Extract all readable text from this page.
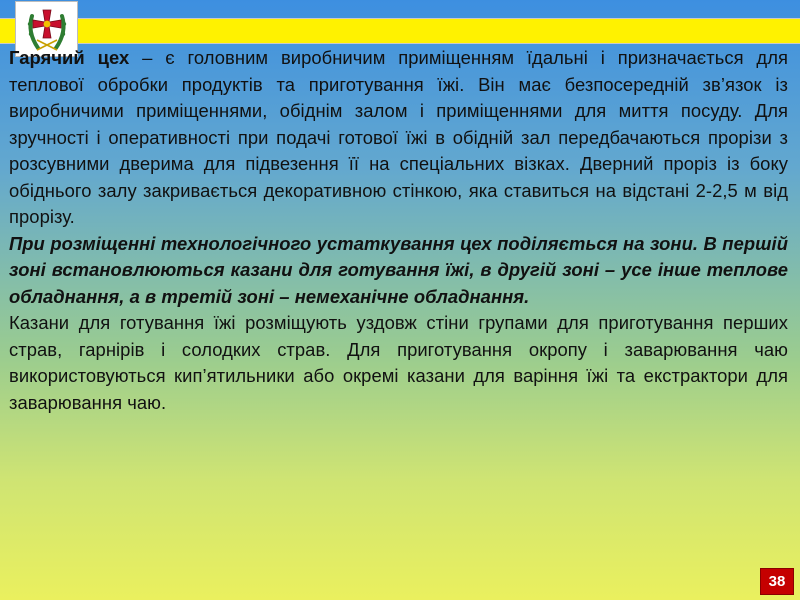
Гарячий цех – є головним виробничим приміщенням їдальні і призначається для теплової обробки продуктів та приготування їжі. Він має безпосередній зв’язок із виробничими приміщеннями, обіднім залом і приміщеннями для миття посуду. Для зручності і оперативності при подачі готової їжі в обідній зал передбачаються прорізи з розсувними дверима для підвезення її на спеціальних візках. Дверний проріз із боку обіднього залу закривається декоративною стінкою, яка ставиться на відстані 2-2,5 м від прорізу.

При розміщенні технологічного устаткування цех поділяється на зони. В першій зоні встановлюються казани для готування їжі, в другій зоні – усе інше теплове обладнання, а в третій зоні – немеханічне обладнання.

Казани для готування їжі розміщують уздовж стіни групами для приготування перших страв, гарнірів і солодких страв. Для приготування окропу і заварювання чаю використовуються кип’ятильники або окремі казани для варіння їжі та екстрактори для заварювання чаю.

38
